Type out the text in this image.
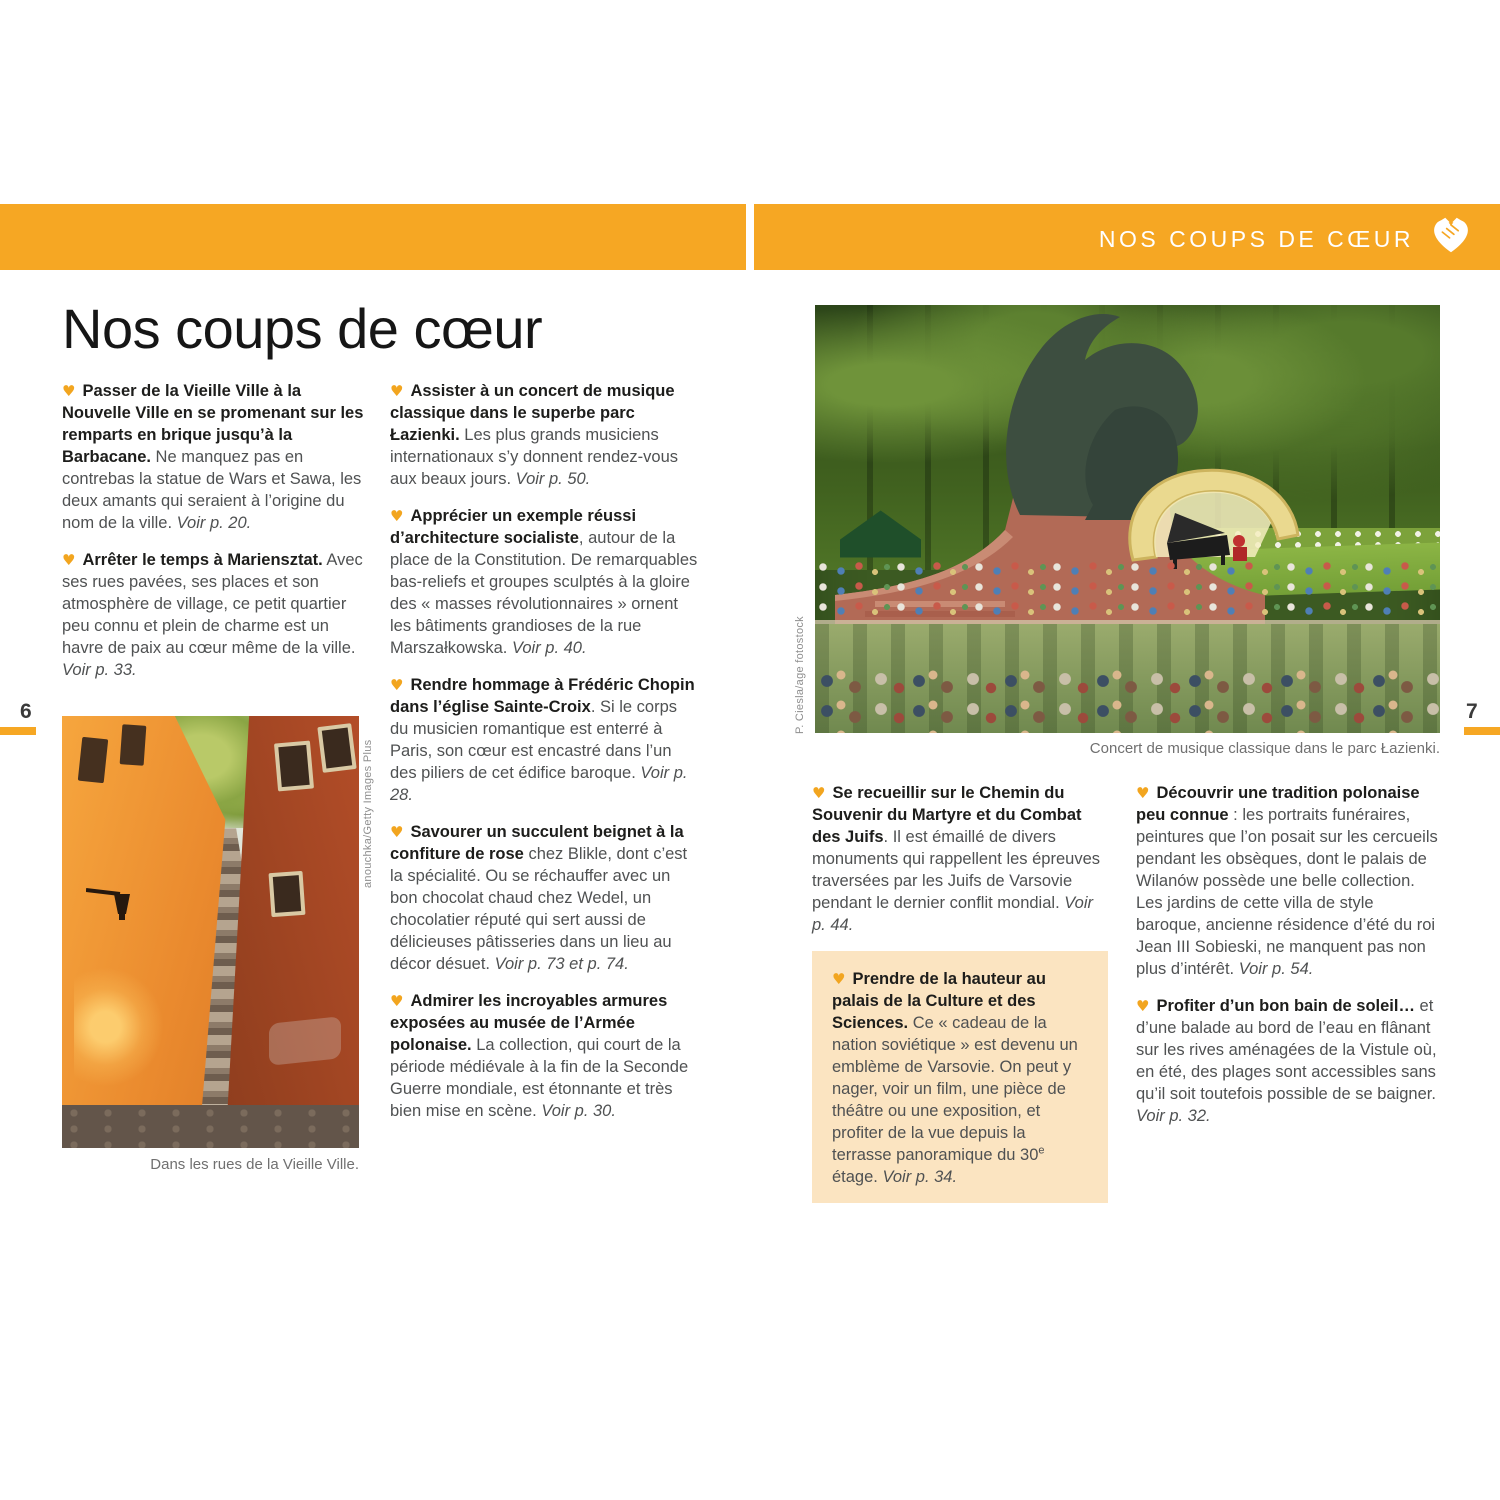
NOS COUPS DE CŒUR
6	7
Nos coups de cœur

♥ Passer de la Vieille Ville à la Nouvelle Ville en se promenant sur les remparts en brique jusqu’à la Barbacane. Ne manquez pas en contrebas la statue de Wars et Sawa, les deux amants qui seraient à l’origine du nom de la ville. Voir p. 20.

♥ Arrêter le temps à Mariensztat. Avec ses rues pavées, ses places et son atmosphère de village, ce petit quartier peu connu et plein de charme est un havre de paix au cœur même de la ville. Voir p. 33.

Dans les rues de la Vieille Ville.
anouchka/Getty Images Plus

♥ Assister à un concert de musique classique dans le superbe parc Łazienki. Les plus grands musiciens internationaux s’y donnent rendez-vous aux beaux jours. Voir p. 50.

♥ Apprécier un exemple réussi d’architecture socialiste, autour de la place de la Constitution. De remarquables bas-reliefs et groupes sculptés à la gloire des « masses révolutionnaires » ornent les bâtiments grandioses de la rue Marszałkowska. Voir p. 40.

♥ Rendre hommage à Frédéric Chopin dans l’église Sainte-Croix. Si le corps du musicien romantique est enterré à Paris, son cœur est encastré dans l’un des piliers de cet édifice baroque. Voir p. 28.

♥ Savourer un succulent beignet à la confiture de rose chez Blikle, dont c’est la spécialité. Ou se réchauffer avec un bon chocolat chaud chez Wedel, un chocolatier réputé qui sert aussi de délicieuses pâtisseries dans un lieu au décor désuet. Voir p. 73 et p. 74.

♥ Admirer les incroyables armures exposées au musée de l’Armée polonaise. La collection, qui court de la période médiévale à la fin de la Seconde Guerre mondiale, est étonnante et très bien mise en scène. Voir p. 30.

Concert de musique classique dans le parc Łazienki.
P. Ciesla/age fotostock

♥ Se recueillir sur le Chemin du Souvenir du Martyre et du Combat des Juifs. Il est émaillé de divers monuments qui rappellent les épreuves traversées par les Juifs de Varsovie pendant le dernier conflit mondial. Voir p. 44.

♥ Prendre de la hauteur au palais de la Culture et des Sciences. Ce « cadeau de la nation soviétique » est devenu un emblème de Varsovie. On peut y nager, voir un film, une pièce de théâtre ou une exposition, et profiter de la vue depuis la terrasse panoramique du 30e étage. Voir p. 34.

♥ Découvrir une tradition polonaise peu connue : les portraits funéraires, peintures que l’on posait sur les cercueils pendant les obsèques, dont le palais de Wilanów possède une belle collection. Les jardins de cette villa de style baroque, ancienne résidence d’été du roi Jean III Sobieski, ne manquent pas non plus d’intérêt. Voir p. 54.

♥ Profiter d’un bon bain de soleil… et d’une balade au bord de l’eau en flânant sur les rives aménagées de la Vistule où, en été, des plages sont accessibles sans qu’il soit toutefois possible de se baigner. Voir p. 32.
